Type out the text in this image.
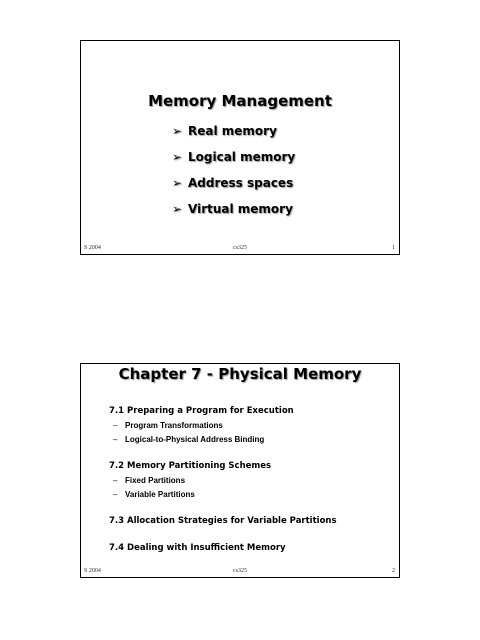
Memory Management
➢ Real memory
➢ Logical memory
➢ Address spaces
➢ Virtual memory
S 2004	cs325	1
Chapter 7 - Physical Memory
7.1 Preparing a Program for Execution
– Program Transformations
– Logical-to-Physical Address Binding
7.2 Memory Partitioning Schemes
– Fixed Partitions
– Variable Partitions
7.3 Allocation Strategies for Variable Partitions
7.4 Dealing with Insufficient Memory
S 2004	cs325	2
